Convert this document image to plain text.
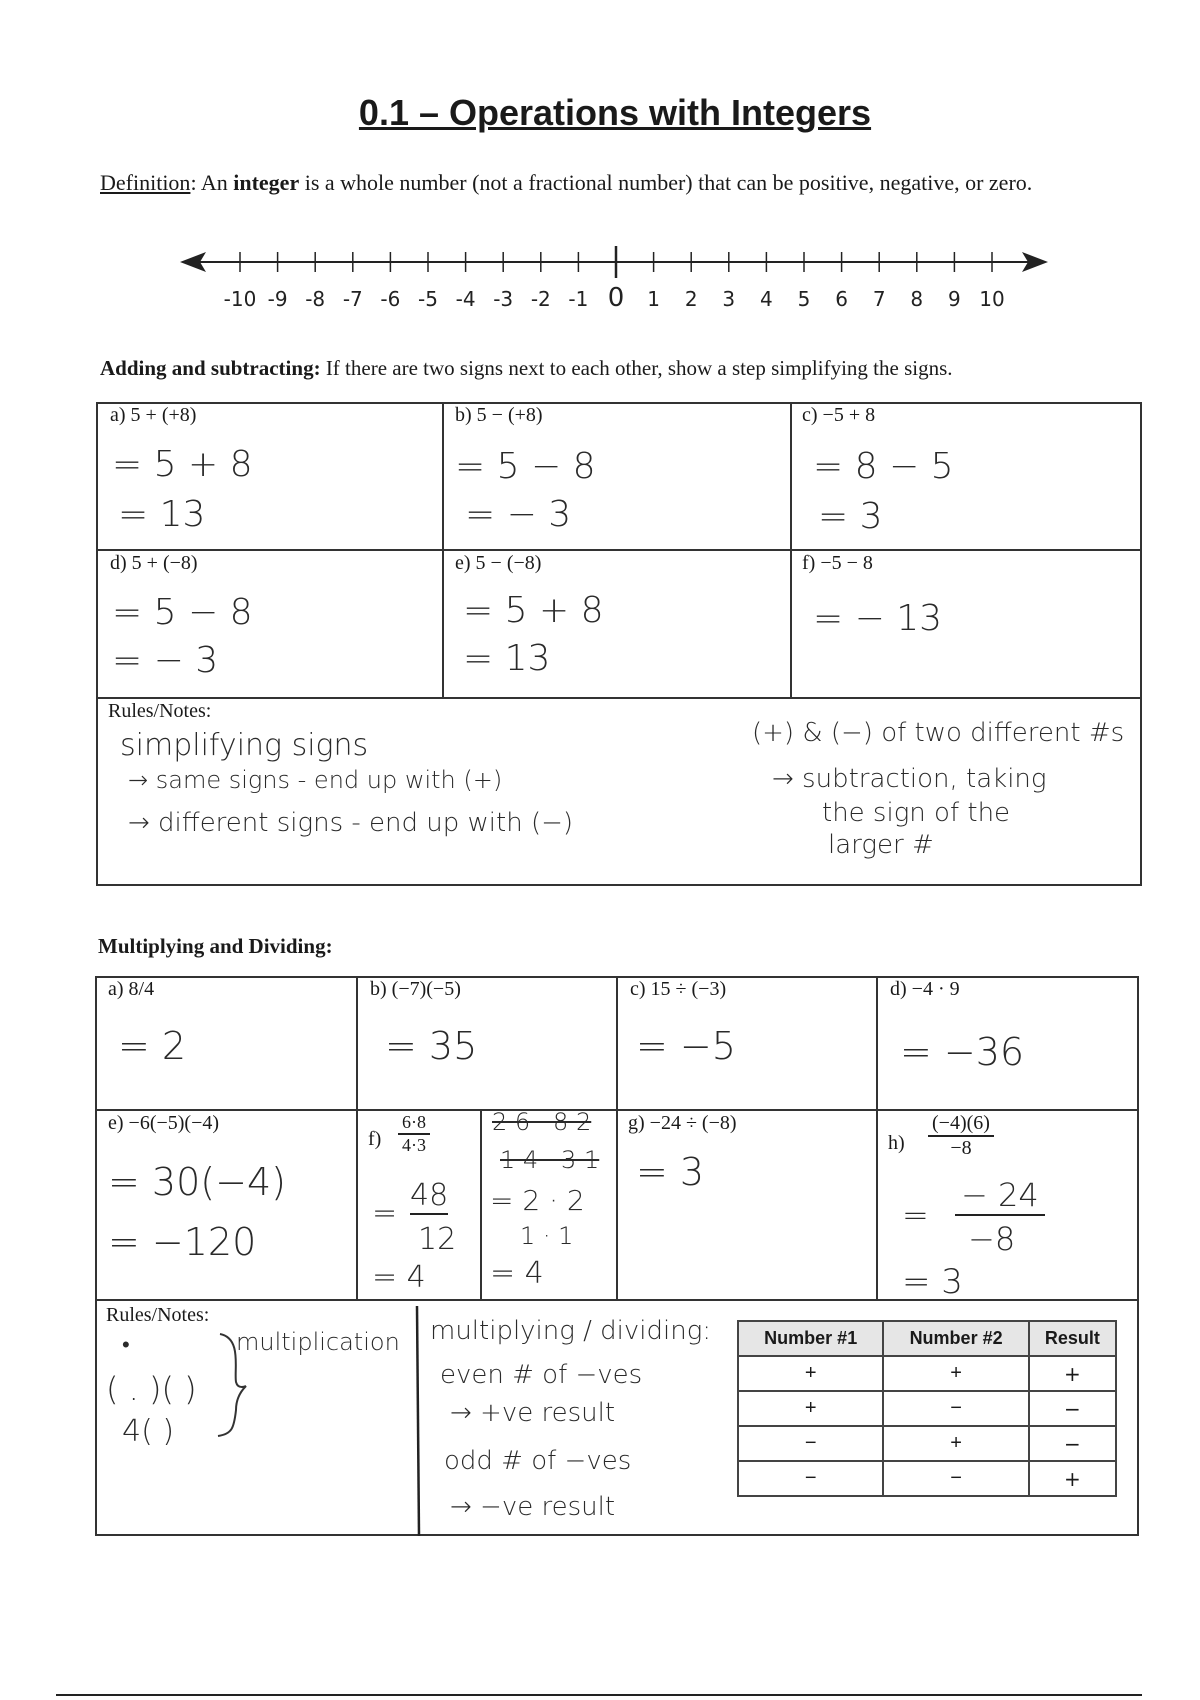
0.1 – Operations with Integers
Definition: An integer is a whole number (not a fractional number) that can be positive, negative, or zero.
-10 -9 -8 -7 -6 -5 -4 -3 -2 -1 0 1 2 3 4 5 6 7 8 9 10
Adding and subtracting: If there are two signs next to each other, show a step simplifying the signs.
a) 5 + (+8)
= 5 + 8
= 13
b) 5 − (+8)
= 5 − 8
= − 3
c) −5 + 8
= 8 − 5
= 3
d) 5 + (−8)
= 5 − 8
= − 3
e) 5 − (−8)
= 5 + 8
= 13
f) −5 − 8
= − 13
Rules/Notes:
simplifying signs
→ same signs - end up with (+)
→ different signs - end up with (−)
(+) & (−) of two different #s
→ subtraction, taking
the sign of the
larger #
Multiplying and Dividing:
a) 8/4
= 2
b) (−7)(−5)
= 35
c) 15 ÷ (−3)
= −5
d) −4 · 9
= −36
e) −6(−5)(−4)
= 30(−4)
= −120
$f) \frac{6\cdot 8}{4\cdot 3}$
=
48
12
= 4
2 6 · 8 2
1 4 · 3 1
= 2 · 2
1 · 1
= 4
g) −24 ÷ (−8)
= 3
$h) \frac{(-4)(6)}{-8}$
=
− 24
−8
= 3
Rules/Notes:
•	multiplication
( . )( )
4( )
multiplying / dividing:
even # of −ves
→ +ve result
odd # of −ves
→ −ve result
Number #1	Number #2	Result
+	+	+
+	−	−
−	+	−
−	−	+
